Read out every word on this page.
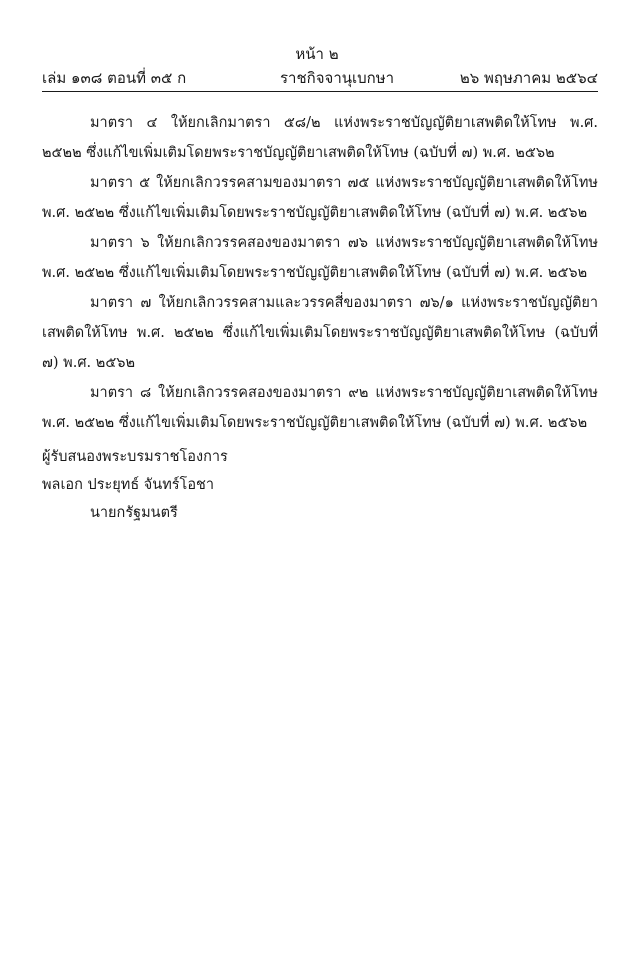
หน้า ๒
เล่ม ๑๓๘ ตอนที่ ๓๕ ก	ราชกิจจานุเบกษา	๒๖ พฤษภาคม ๒๕๖๔

มาตรา ๔ ให้ยกเลิกมาตรา ๕๘/๒ แห่งพระราชบัญญัติยาเสพติดให้โทษ พ.ศ. ๒๕๒๒ ซึ่งแก้ไขเพิ่มเติมโดยพระราชบัญญัติยาเสพติดให้โทษ (ฉบับที่ ๗) พ.ศ. ๒๕๖๒

มาตรา ๕ ให้ยกเลิกวรรคสามของมาตรา ๗๕ แห่งพระราชบัญญัติยาเสพติดให้โทษ พ.ศ. ๒๕๒๒ ซึ่งแก้ไขเพิ่มเติมโดยพระราชบัญญัติยาเสพติดให้โทษ (ฉบับที่ ๗) พ.ศ. ๒๕๖๒

มาตรา ๖ ให้ยกเลิกวรรคสองของมาตรา ๗๖ แห่งพระราชบัญญัติยาเสพติดให้โทษ พ.ศ. ๒๕๒๒ ซึ่งแก้ไขเพิ่มเติมโดยพระราชบัญญัติยาเสพติดให้โทษ (ฉบับที่ ๗) พ.ศ. ๒๕๖๒

มาตรา ๗ ให้ยกเลิกวรรคสามและวรรคสี่ของมาตรา ๗๖/๑ แห่งพระราชบัญญัติยาเสพติดให้โทษ พ.ศ. ๒๕๒๒ ซึ่งแก้ไขเพิ่มเติมโดยพระราชบัญญัติยาเสพติดให้โทษ (ฉบับที่ ๗) พ.ศ. ๒๕๖๒

มาตรา ๘ ให้ยกเลิกวรรคสองของมาตรา ๙๒ แห่งพระราชบัญญัติยาเสพติดให้โทษ พ.ศ. ๒๕๒๒ ซึ่งแก้ไขเพิ่มเติมโดยพระราชบัญญัติยาเสพติดให้โทษ (ฉบับที่ ๗) พ.ศ. ๒๕๖๒

ผู้รับสนองพระบรมราชโองการ
พลเอก ประยุทธ์ จันทร์โอชา
นายกรัฐมนตรี
